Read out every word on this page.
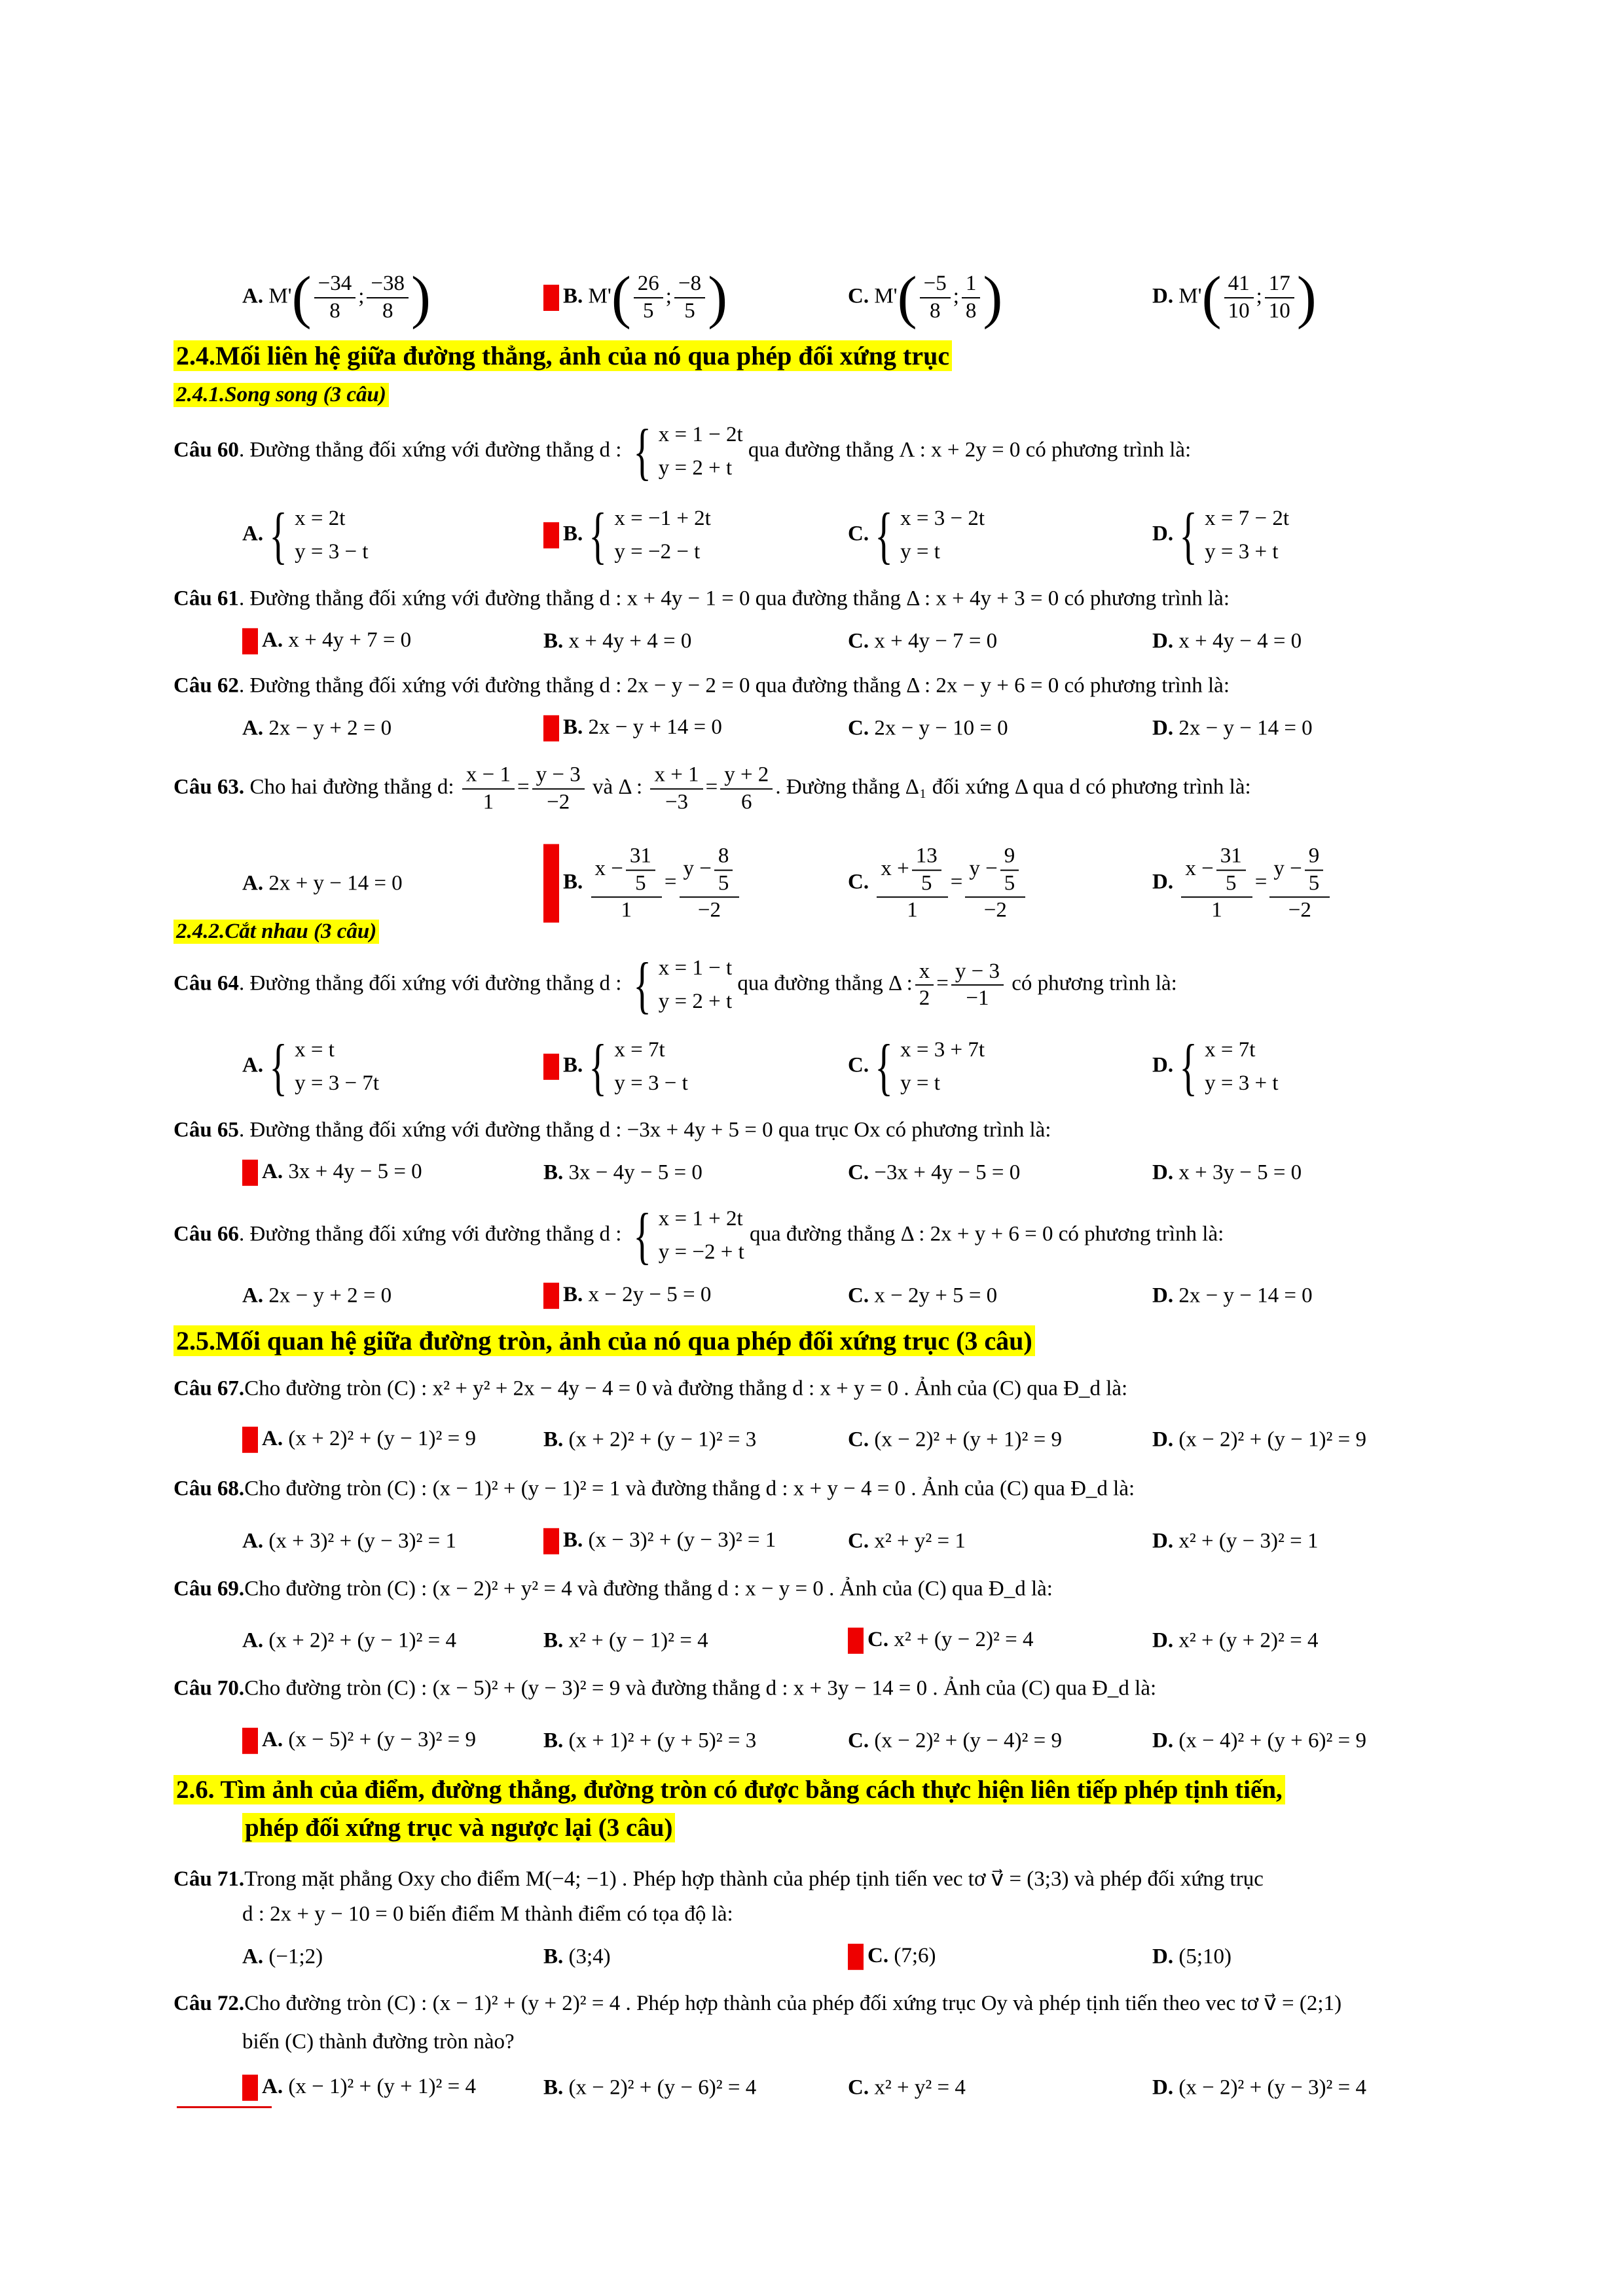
A. $M'( \frac{-34}{8}$ ; $\frac{-38}{8}$ )	B. $M'( \frac{26}{5}$ ; $\frac{-8}{5}$ )	C. $M'( \frac{-5}{8}$ ; $\frac{1}{8}$ )	D. $M'( \frac{41}{10}$ ; $\frac{17}{10}$ )
2.4.Mối liên hệ giữa đường thẳng, ảnh của nó qua phép đối xứng trục
2.4.1.Song song (3 câu)
Câu 60. Đường thẳng đối xứng với đường thẳng d : { x = 1 − 2t
y = 2 + t
qua đường thẳng Λ : x + 2y = 0 có phương trình là:
A. { x = 2t
y = 3 − t
B. { x = −1 + 2t
y = −2 − t
C. { x = 3 − 2t
y = t
D. { x = 7 − 2t
y = 3 + t
Câu 61. Đường thẳng đối xứng với đường thẳng d : x + 4y − 1 = 0 qua đường thẳng Δ : x + 4y + 3 = 0 có phương trình là:
A. x + 4y + 7 = 0	B. x + 4y + 4 = 0	C. x + 4y − 7 = 0	D. x + 4y − 4 = 0
Câu 62. Đường thẳng đối xứng với đường thẳng d : 2x − y − 2 = 0 qua đường thẳng Δ : 2x − y + 6 = 0 có phương trình là:
A. 2x − y + 2 = 0	B. 2x − y + 14 = 0	C. 2x − y − 10 = 0	D. 2x − y − 14 = 0
Câu 63. Cho hai đường thẳng d: $\frac{x - 1}{1} = \frac{y - 3}{-2}$ và Δ : $\frac{x + 1}{-3} = \frac{y + 2}{6}$ . Đường thẳng Δ₁ đối xứng Δ qua d có phương trình là:
A. 2x + y − 14 = 0	B. $\frac{x - \frac{31}{5}}{1} = \frac{y - \frac{8}{5}}{-2}$	C. $\frac{x + \frac{13}{5}}{1} = \frac{y - \frac{9}{5}}{-2}$	D. $\frac{x - \frac{31}{5}}{1} = \frac{y - \frac{9}{5}}{-2}$
2.4.2.Cắt nhau (3 câu)
Câu 64. Đường thẳng đối xứng với đường thẳng d : { x = 1 − t
y = 2 + t
qua đường thẳng Δ : $\frac{x}{2} = \frac{y - 3}{-1}$ có phương trình là:
A. { x = t
y = 3 − 7t
B. { x = 7t
y = 3 − t
C. { x = 3 + 7t
y = t
D. { x = 7t
y = 3 + t
Câu 65. Đường thẳng đối xứng với đường thẳng d : −3x + 4y + 5 = 0 qua trục Ox có phương trình là:
A. 3x + 4y − 5 = 0	B. 3x − 4y − 5 = 0	C. −3x + 4y − 5 = 0	D. x + 3y − 5 = 0
Câu 66. Đường thẳng đối xứng với đường thẳng d : { x = 1 + 2t
y = −2 + t
qua đường thẳng Δ : 2x + y + 6 = 0 có phương trình là:
A. 2x − y + 2 = 0	B. x − 2y − 5 = 0	C. x − 2y + 5 = 0	D. 2x − y − 14 = 0
2.5.Mối quan hệ giữa đường tròn, ảnh của nó qua phép đối xứng trục (3 câu)
Câu 67.Cho đường tròn (C) : x² + y² + 2x − 4y − 4 = 0 và đường thẳng d : x + y = 0 . Ảnh của (C) qua Đ_d là:
A. (x + 2)² + (y − 1)² = 9	B. (x + 2)² + (y − 1)² = 3	C. (x − 2)² + (y + 1)² = 9	D. (x − 2)² + (y − 1)² = 9
Câu 68.Cho đường tròn (C) : (x − 1)² + (y − 1)² = 1 và đường thẳng d : x + y − 4 = 0 . Ảnh của (C) qua Đ_d là:
A. (x + 3)² + (y − 3)² = 1	B. (x − 3)² + (y − 3)² = 1	C. x² + y² = 1	D. x² + (y − 3)² = 1
Câu 69.Cho đường tròn (C) : (x − 2)² + y² = 4 và đường thẳng d : x − y = 0 . Ảnh của (C) qua Đ_d là:
A. (x + 2)² + (y − 1)² = 4	B. x² + (y − 1)² = 4	C. x² + (y − 2)² = 4	D. x² + (y + 2)² = 4
Câu 70.Cho đường tròn (C) : (x − 5)² + (y − 3)² = 9 và đường thẳng d : x + 3y − 14 = 0 . Ảnh của (C) qua Đ_d là:
A. (x − 5)² + (y − 3)² = 9	B. (x + 1)² + (y + 5)² = 3	C. (x − 2)² + (y − 4)² = 9	D. (x − 4)² + (y + 6)² = 9
2.6. Tìm ảnh của điểm, đường thẳng, đường tròn có được bằng cách thực hiện liên tiếp phép tịnh tiến,
phép đối xứng trục và ngược lại (3 câu)
Câu 71.Trong mặt phẳng Oxy cho điểm M(−4; −1) . Phép hợp thành của phép tịnh tiến vec tơ v⃗ = (3;3) và phép đối xứng trục
d : 2x + y − 10 = 0 biến điểm M thành điểm có tọa độ là:
A. (−1;2)	B. (3;4)	C. (7;6)	D. (5;10)
Câu 72.Cho đường tròn (C) : (x − 1)² + (y + 2)² = 4 . Phép hợp thành của phép đối xứng trục Oy và phép tịnh tiến theo vec tơ v⃗ = (2;1)
biến (C) thành đường tròn nào?
A. (x − 1)² + (y + 1)² = 4	B. (x − 2)² + (y − 6)² = 4	C. x² + y² = 4	D. (x − 2)² + (y − 3)² = 4
